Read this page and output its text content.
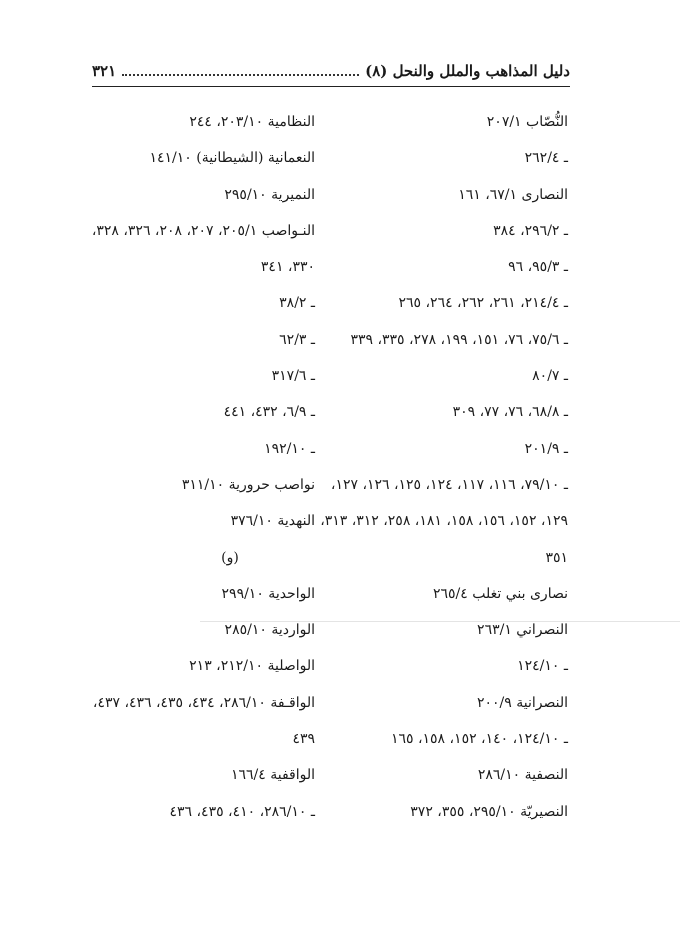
دليل المذاهب والملل والنحل (٨)
٣٢١
النُّصّاب ٢٠٧/١
ـ ٢٦٢/٤
النصارى ٦٧/١، ١٦١
ـ ٢٩٦/٢، ٣٨٤
ـ ٩٥/٣، ٩٦
ـ ٢١٤/٤، ٢٦١، ٢٦٢، ٢٦٤، ٢٦٥
ـ ٧٥/٦، ٧٦، ١٥١، ١٩٩، ٢٧٨، ٣٣٥، ٣٣٩
ـ ٨٠/٧
ـ ٦٨/٨، ٧٦، ٧٧، ٣٠٩
ـ ٢٠١/٩
ـ ٧٩/١٠، ١١٦، ١١٧، ١٢٤، ١٢٥، ١٢٦، ١٢٧،
١٢٩، ١٥٢، ١٥٦، ١٥٨، ١٨١، ٢٥٨، ٣١٢، ٣١٣،
٣٥١
نصارى بني تغلب ٢٦٥/٤
النصراني ٢٦٣/١
ـ ١٢٤/١٠
النصرانية ٢٠٠/٩
ـ ١٢٤/١٠، ١٤٠، ١٥٢، ١٥٨، ١٦٥
النصفية ٢٨٦/١٠
النصيريّة ٢٩٥/١٠، ٣٥٥، ٣٧٢
النظامية ٢٠٣/١٠، ٢٤٤
النعمانية (الشيطانية) ١٤١/١٠
النميرية ٢٩٥/١٠
النـواصب ٢٠٥/١، ٢٠٧، ٢٠٨، ٣٢٦، ٣٢٨،
٣٣٠، ٣٤١
ـ ٣٨/٢
ـ ٦٢/٣
ـ ٣١٧/٦
ـ ٦/٩، ٤٣٢، ٤٤١
ـ ١٩٢/١٠
نواصب حرورية ٣١١/١٠
النهدية ٣٧٦/١٠
(و)
الواحدية ٢٩٩/١٠
الواردية ٢٨٥/١٠
الواصلية ٢١٢/١٠، ٢١٣
الواقـفة ٢٨٦/١٠، ٤٣٤، ٤٣٥، ٤٣٦، ٤٣٧،
٤٣٩
الواقفية ١٦٦/٤
ـ ٢٨٦/١٠، ٤١٠، ٤٣٥، ٤٣٦
